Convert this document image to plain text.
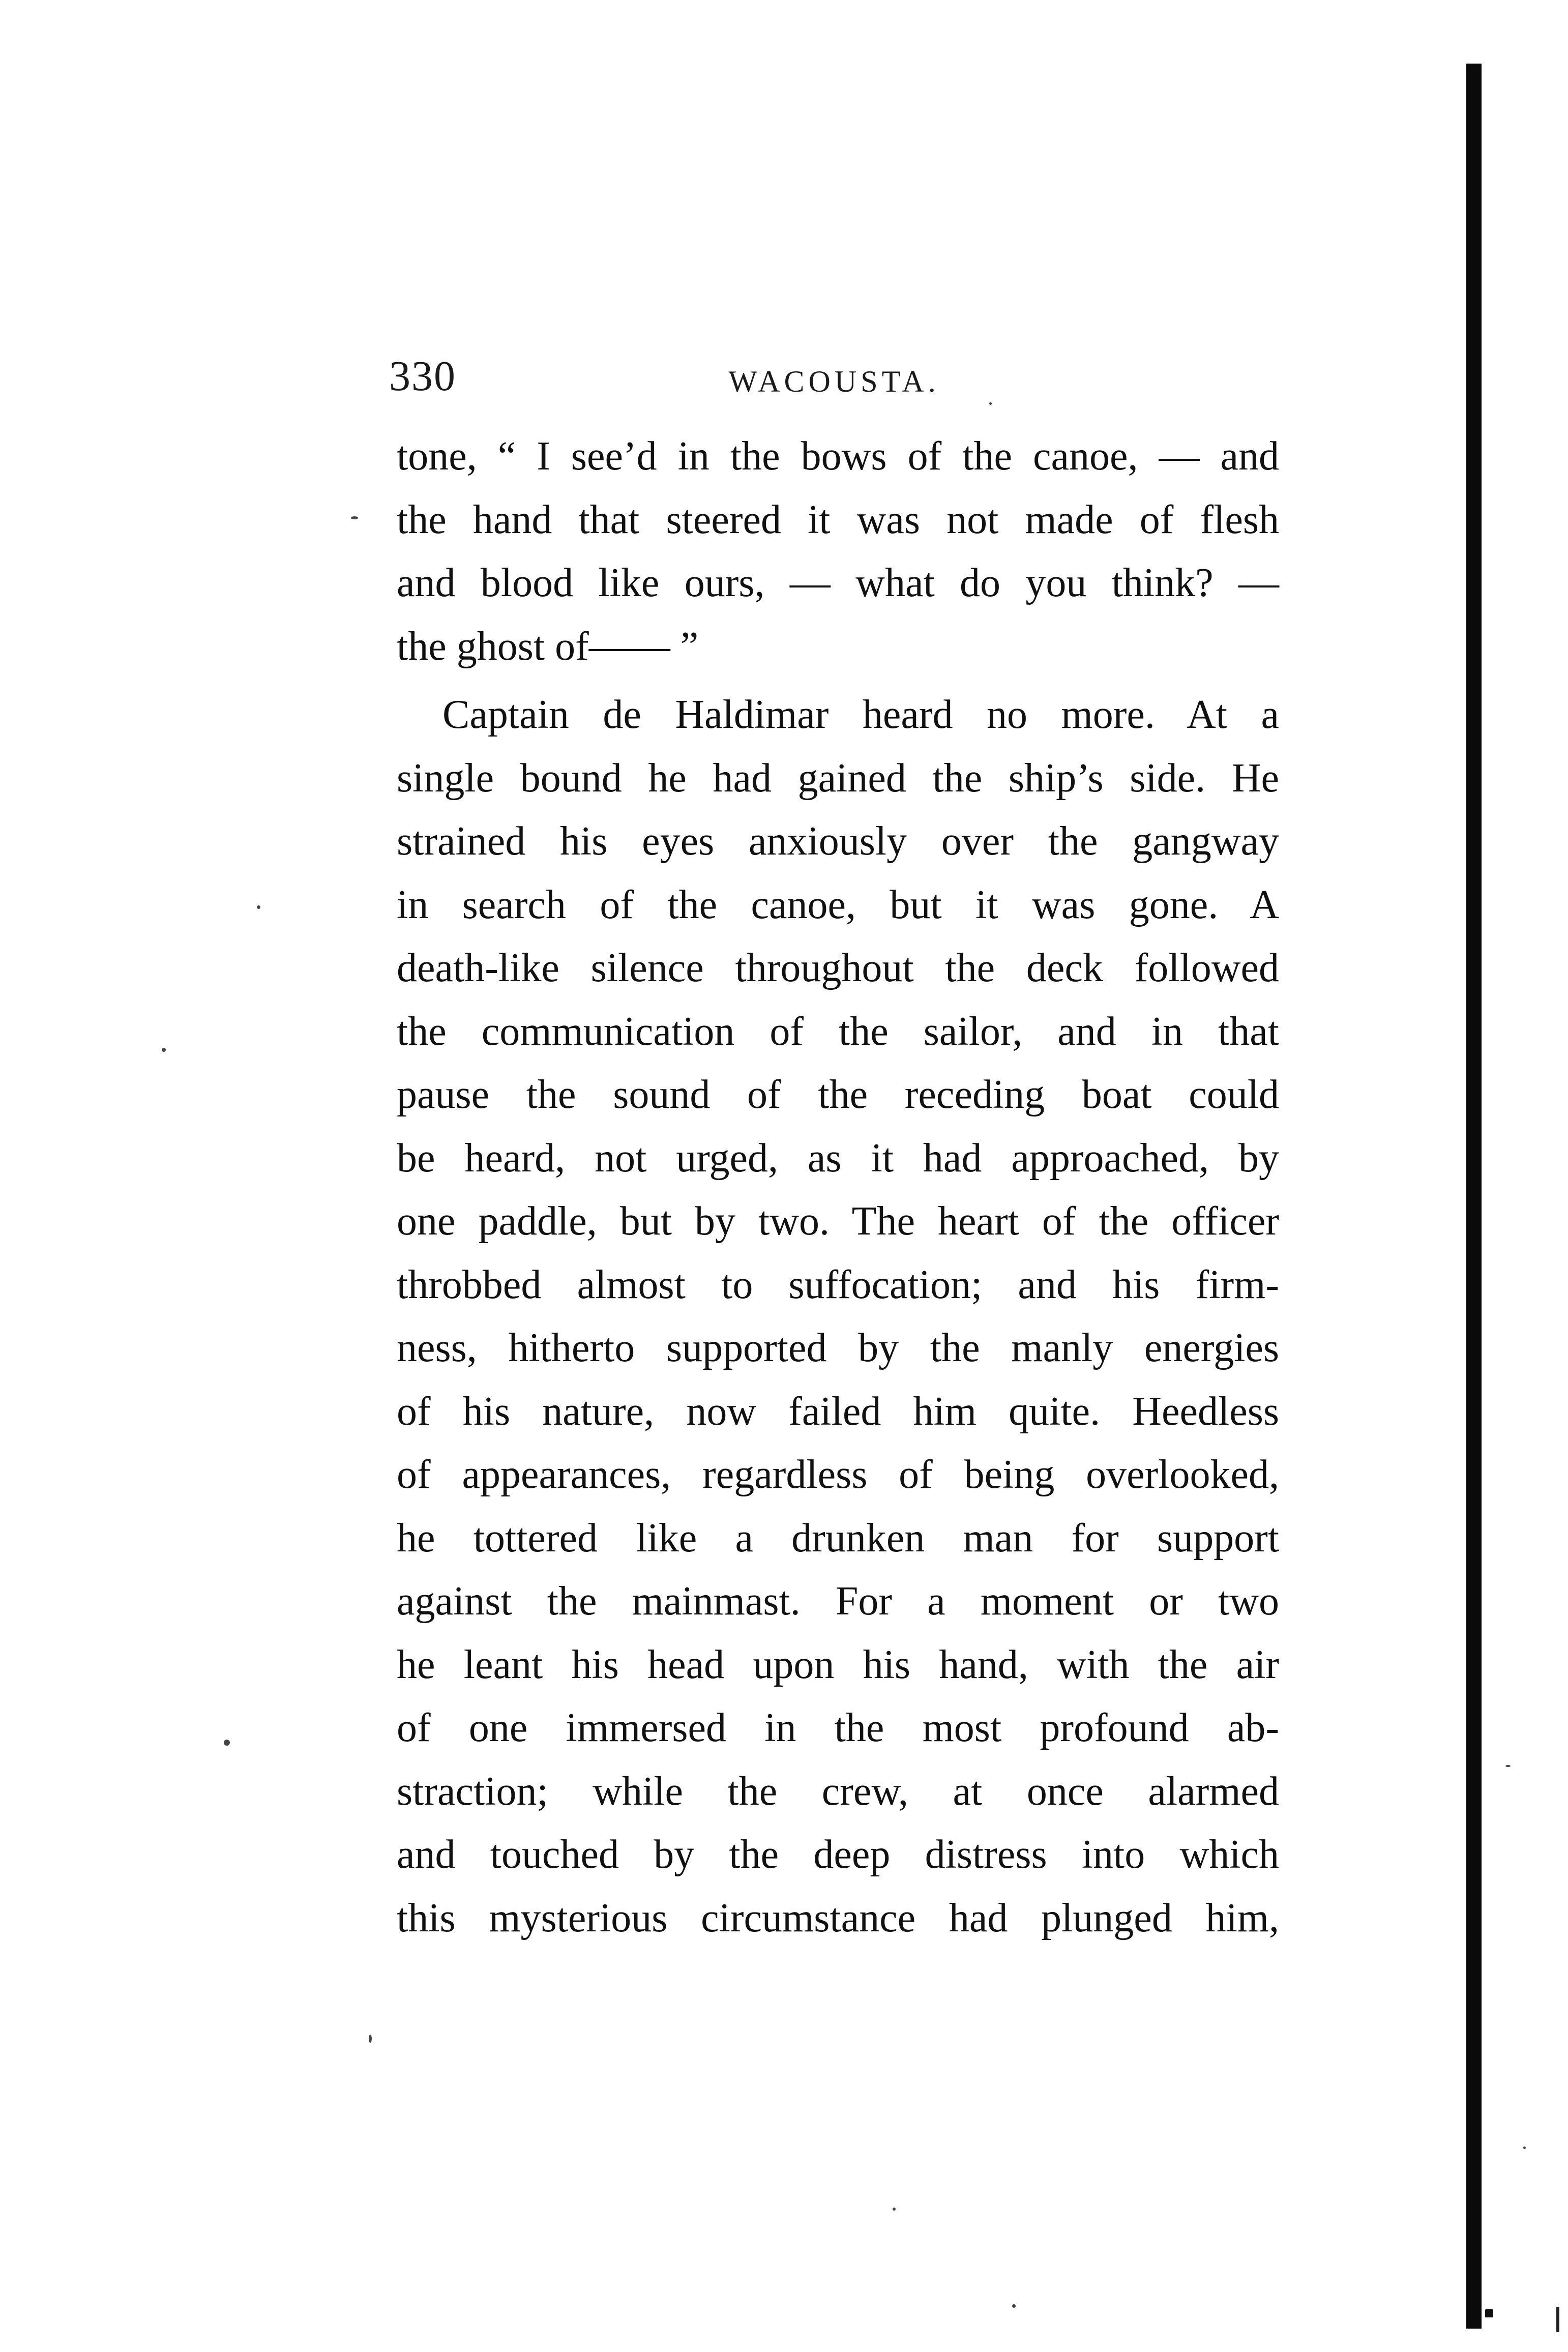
330	WACOUSTA.
tone, “ I see’d in the bows of the canoe, — and
the hand that steered it was not made of flesh
and blood like ours, — what do you think? —
the ghost of—— ”
Captain de Haldimar heard no more. At a
single bound he had gained the ship’s side. He
strained his eyes anxiously over the gangway
in search of the canoe, but it was gone. A
death-like silence throughout the deck followed
the communication of the sailor, and in that
pause the sound of the receding boat could
be heard, not urged, as it had approached, by
one paddle, but by two. The heart of the officer
throbbed almost to suffocation; and his firm-
ness, hitherto supported by the manly energies
of his nature, now failed him quite. Heedless
of appearances, regardless of being overlooked,
he tottered like a drunken man for support
against the mainmast. For a moment or two
he leant his head upon his hand, with the air
of one immersed in the most profound ab-
straction; while the crew, at once alarmed
and touched by the deep distress into which
this mysterious circumstance had plunged him,
